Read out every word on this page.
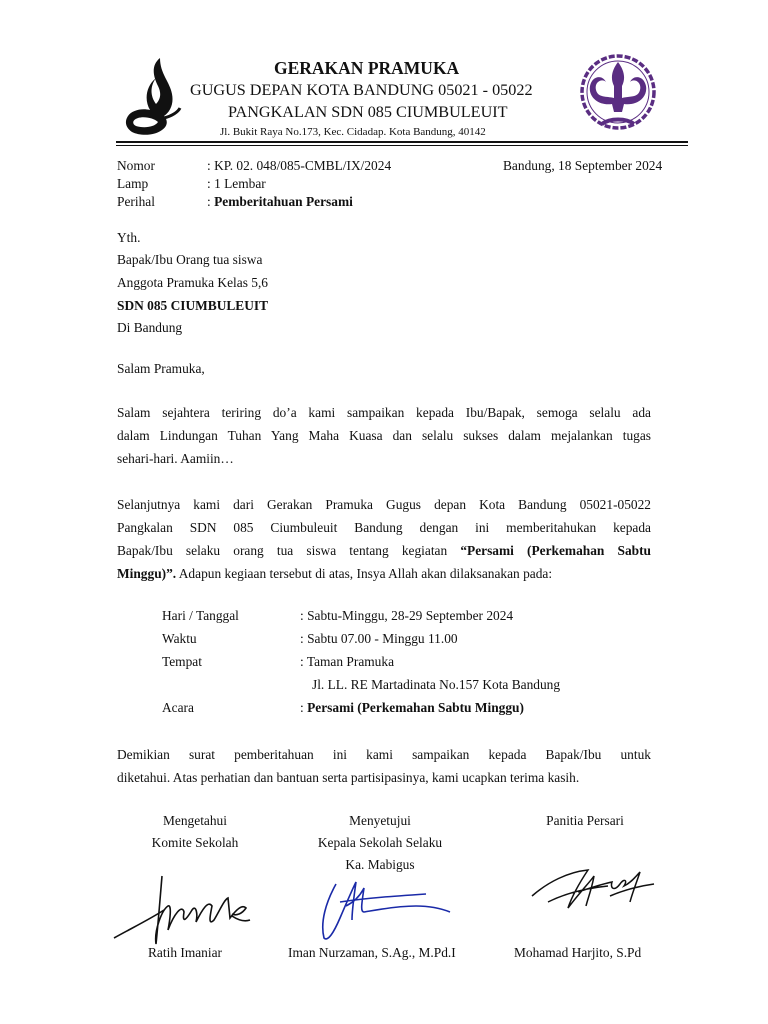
GERAKAN PRAMUKA
GUGUS DEPAN KOTA BANDUNG 05021 - 05022
PANGKALAN SDN 085 CIUMBULEUIT
Jl. Bukit Raya No.173, Kec. Cidadap. Kota Bandung, 40142
Nomor	: KP. 02. 048/085-CMBL/IX/2024	Bandung, 18 September 2024
Lamp	: 1 Lembar
Perihal	: Pemberitahuan Persami
Yth.
Bapak/Ibu Orang tua siswa
Anggota Pramuka Kelas 5,6
SDN 085 CIUMBULEUIT
Di Bandung
Salam Pramuka,
Salam sejahtera teriring do’a kami sampaikan kepada Ibu/Bapak, semoga selalu ada
dalam Lindungan Tuhan Yang Maha Kuasa dan selalu sukses dalam mejalankan tugas
sehari-hari. Aamiin…
Selanjutnya kami dari Gerakan Pramuka Gugus depan Kota Bandung 05021-05022
Pangkalan SDN 085 Ciumbuleuit Bandung dengan ini memberitahukan kepada
Bapak/Ibu selaku orang tua siswa tentang kegiatan “Persami (Perkemahan Sabtu
Minggu)”. Adapun kegiaan tersebut di atas, Insya Allah akan dilaksanakan pada:
Hari / Tanggal	: Sabtu-Minggu, 28-29 September 2024
Waktu	: Sabtu 07.00 - Minggu 11.00
Tempat	: Taman Pramuka
Jl. LL. RE Martadinata No.157 Kota Bandung
Acara	: Persami (Perkemahan Sabtu Minggu)
Demikian surat pemberitahuan ini kami sampaikan kepada Bapak/Ibu untuk
diketahui. Atas perhatian dan bantuan serta partisipasinya, kami ucapkan terima kasih.
Mengetahui
Komite Sekolah
Ratih Imaniar
Menyetujui
Kepala Sekolah Selaku
Ka. Mabigus
Iman Nurzaman, S.Ag., M.Pd.I
Panitia Persari
Mohamad Harjito, S.Pd
